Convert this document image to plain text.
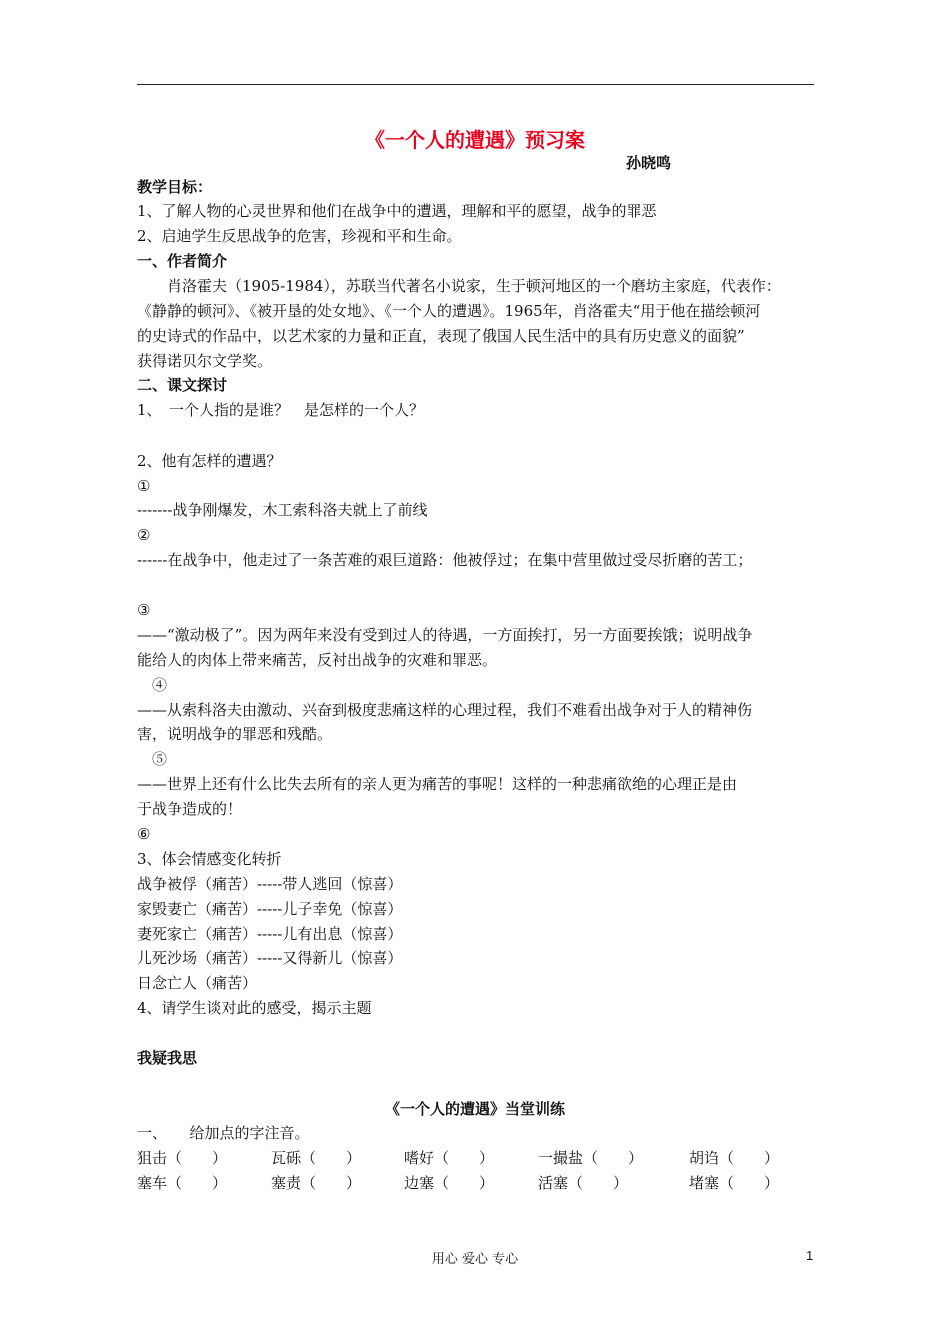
《一个人的遭遇》预习案
孙晓鸣
教学目标：
1、了解人物的心灵世界和他们在战争中的遭遇，理解和平的愿望，战争的罪恶
2、启迪学生反思战争的危害，珍视和平和生命。
一、作者简介
　　肖洛霍夫（1905-1984），苏联当代著名小说家，生于顿河地区的一个磨坊主家庭，代表作：
《静静的顿河》、《被开垦的处女地》、《一个人的遭遇》。1965年，肖洛霍夫“用于他在描绘顿河
的史诗式的作品中，以艺术家的力量和正直，表现了俄国人民生活中的具有历史意义的面貌”
获得诺贝尔文学奖。
二、课文探讨
1、　一个人指的是谁？　是怎样的一个人？
2、他有怎样的遭遇？
①
-------战争刚爆发，木工索科洛夫就上了前线
②
------在战争中，他走过了一条苦难的艰巨道路：他被俘过；在集中营里做过受尽折磨的苦工；
③
——“激动极了”。因为两年来没有受到过人的待遇，一方面挨打，另一方面要挨饿；说明战争
能给人的肉体上带来痛苦，反衬出战争的灾难和罪恶。
　④
——从索科洛夫由激动、兴奋到极度悲痛这样的心理过程，我们不难看出战争对于人的精神伤
害，说明战争的罪恶和残酷。
　⑤
——世界上还有什么比失去所有的亲人更为痛苦的事呢！这样的一种悲痛欲绝的心理正是由
于战争造成的！
⑥
3、体会情感变化转折
战争被俘（痛苦）-----带人逃回（惊喜）
家毁妻亡（痛苦）-----儿子幸免（惊喜）
妻死家亡（痛苦）-----儿有出息（惊喜）
儿死沙场（痛苦）-----又得新儿（惊喜）
日念亡人（痛苦）
4、请学生谈对此的感受，揭示主题
我疑我思
《一个人的遭遇》当堂训练
一、　　给加点的字注音。
狙击（　　）	瓦砾（　　）	嗜好（　　）	一撮盐（　　）	胡诌（　　）
塞车（　　）	塞责（　　）	边塞（　　）	活塞（　　）	堵塞（　　）
用心 爱心 专心	1
